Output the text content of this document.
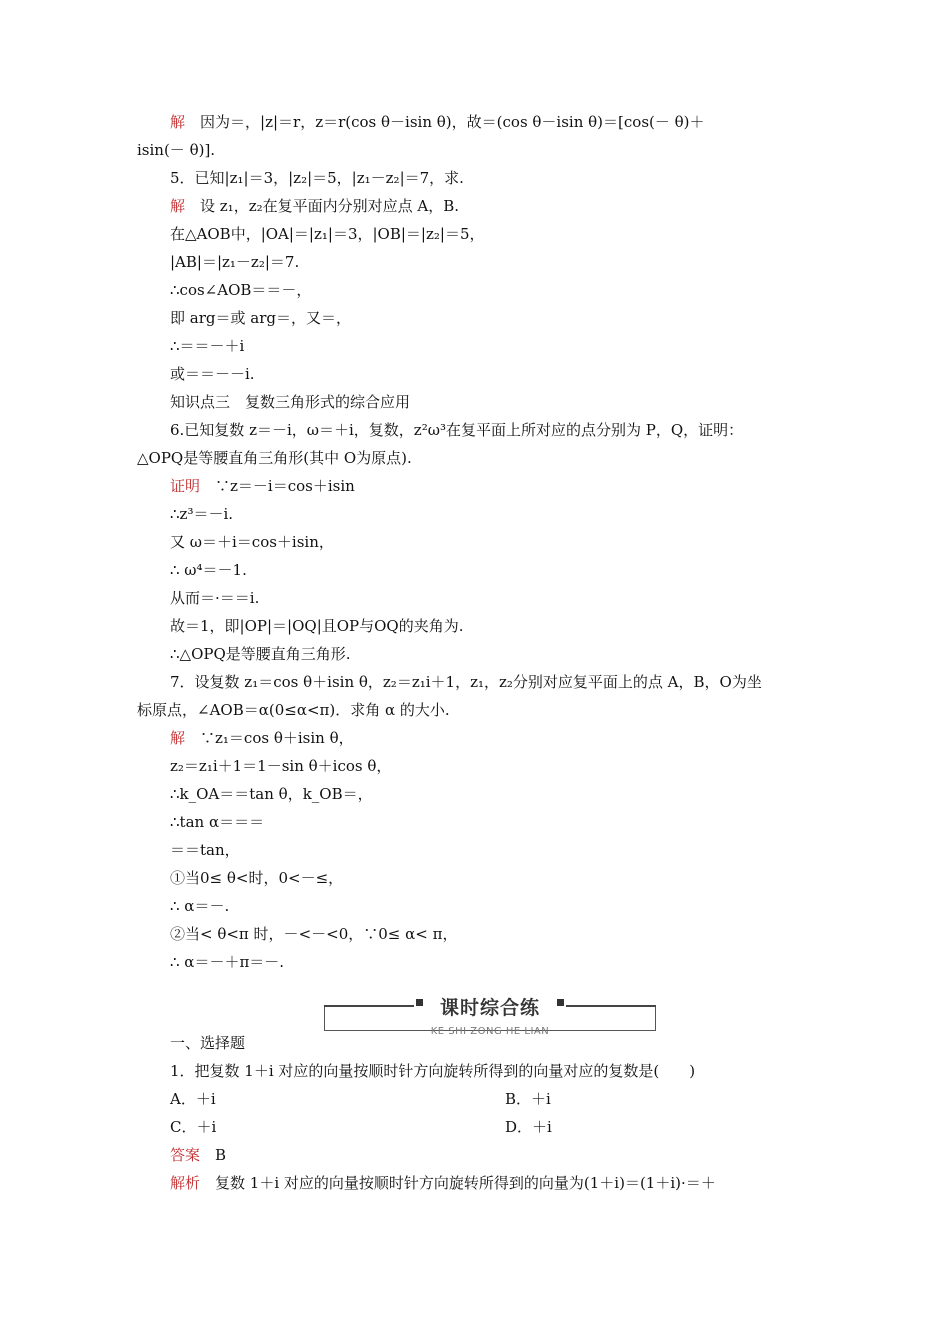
解　因为＝，|z|＝r，z＝r(cos θ－isin θ)，故＝(cos θ－isin θ)＝[cos(－ θ)＋
isin(－ θ)].
5．已知|z₁|＝3，|z₂|＝5，|z₁－z₂|＝7，求.
解　设 z₁，z₂在复平面内分别对应点 A，B.
在△AOB中，|OA|＝|z₁|＝3，|OB|＝|z₂|＝5，
|AB|＝|z₁－z₂|＝7.
∴cos∠AOB＝＝－，
即 arg＝或 arg＝，又＝，
∴＝＝－＋i
或＝＝－－i.
知识点三　复数三角形式的综合应用
6.已知复数 z＝－i，ω＝＋i，复数，z²ω³在复平面上所对应的点分别为 P，Q，证明：
△OPQ是等腰直角三角形(其中 O为原点).
证明　∵z＝－i＝cos＋isin
∴z³＝－i.
又 ω＝＋i＝cos＋isin，
∴ ω⁴＝－1.
从而＝·＝＝i.
故＝1，即|OP|＝|OQ|且OP与OQ的夹角为.
∴△OPQ是等腰直角三角形.
7．设复数 z₁＝cos θ＋isin θ，z₂＝z₁i＋1，z₁，z₂分别对应复平面上的点 A，B，O为坐
标原点，∠AOB＝α(0≤α<π)．求角 α 的大小.
解　∵z₁＝cos θ＋isin θ，
z₂＝z₁i＋1＝1－sin θ＋icos θ，
∴k_OA＝＝tan θ，k_OB＝，
∴tan α＝＝＝
＝＝tan，
①当0≤ θ<时，0<－≤，
∴ α＝－.
②当< θ<π 时，－<－<0，∵0≤ α< π，
∴ α＝－＋π＝－.
一、选择题
1．把复数 1＋i 对应的向量按顺时针方向旋转所得到的向量对应的复数是(　　)
A．＋i	B．＋i
C．＋i	D．＋i
答案　B
解析　复数 1＋i 对应的向量按顺时针方向旋转所得到的向量为(1＋i)＝(1＋i)·＝＋
KE SHI ZONG HE LIAN
课时综合练
